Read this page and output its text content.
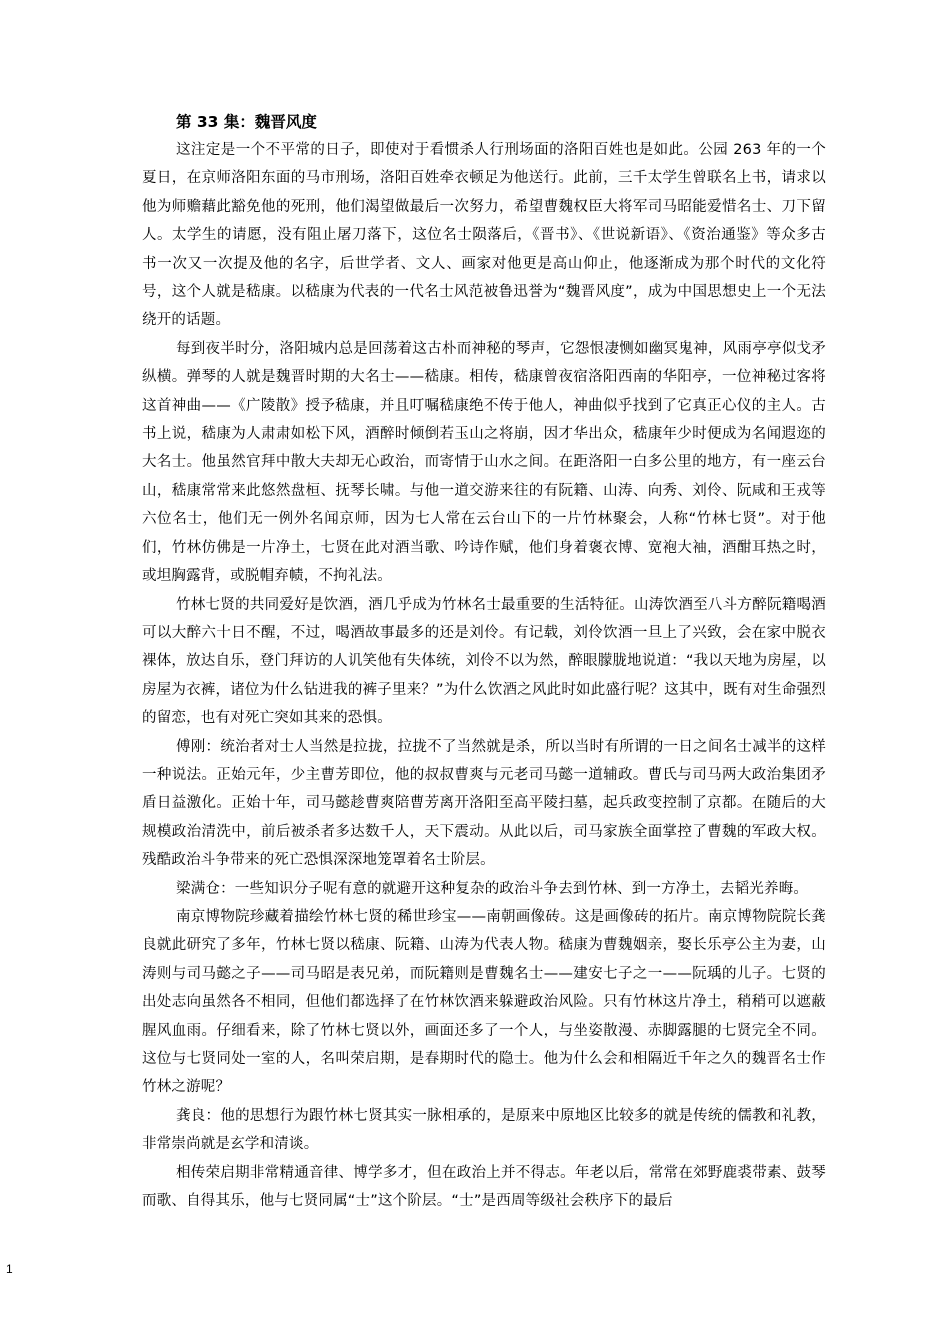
第 33 集：魏晋风度

这注定是一个不平常的日子，即使对于看惯杀人行刑场面的洛阳百姓也是如此。公园 263 年的一个夏日，在京师洛阳东面的马市刑场，洛阳百姓牵衣顿足为他送行。此前，三千太学生曾联名上书，请求以他为师赡藉此豁免他的死刑，他们渴望做最后一次努力，希望曹魏权臣大将军司马昭能爱惜名士、刀下留人。太学生的请愿，没有阻止屠刀落下，这位名士陨落后，《晋书》、《世说新语》、《资治通鉴》等众多古书一次又一次提及他的名字，后世学者、文人、画家对他更是高山仰止，他逐渐成为那个时代的文化符号，这个人就是嵇康。以嵇康为代表的一代名士风范被鲁迅誉为“魏晋风度”，成为中国思想史上一个无法绕开的话题。

每到夜半时分，洛阳城内总是回荡着这古朴而神秘的琴声，它怨恨凄恻如幽冥鬼神，风雨亭亭似戈矛纵横。弹琴的人就是魏晋时期的大名士——嵇康。相传，嵇康曾夜宿洛阳西南的华阳亭，一位神秘过客将这首神曲——《广陵散》授予嵇康，并且叮嘱嵇康绝不传于他人，神曲似乎找到了它真正心仪的主人。古书上说，嵇康为人肃肃如松下风，酒醉时倾倒若玉山之将崩，因才华出众，嵇康年少时便成为名闻遐迩的大名士。他虽然官拜中散大夫却无心政治，而寄情于山水之间。在距洛阳一白多公里的地方，有一座云台山，嵇康常常来此悠然盘桓、抚琴长啸。与他一道交游来往的有阮籍、山涛、向秀、刘伶、阮咸和王戎等六位名士，他们无一例外名闻京师，因为七人常在云台山下的一片竹林聚会，人称“竹林七贤”。对于他们，竹林仿佛是一片净土，七贤在此对酒当歌、吟诗作赋，他们身着褒衣博、宽袍大袖，酒酣耳热之时，或坦胸露背，或脱帽弃帻，不拘礼法。

竹林七贤的共同爱好是饮酒，酒几乎成为竹林名士最重要的生活特征。山涛饮酒至八斗方醉阮籍喝酒可以大醉六十日不醒，不过，喝酒故事最多的还是刘伶。有记载，刘伶饮酒一旦上了兴致，会在家中脱衣裸体，放达自乐，登门拜访的人讥笑他有失体统，刘伶不以为然，醉眼朦胧地说道：“我以天地为房屋，以房屋为衣裤，诸位为什么钻进我的裤子里来？”为什么饮酒之风此时如此盛行呢？这其中，既有对生命强烈的留恋，也有对死亡突如其来的恐惧。

傅刚：统治者对士人当然是拉拢，拉拢不了当然就是杀，所以当时有所谓的一日之间名士减半的这样一种说法。正始元年，少主曹芳即位，他的叔叔曹爽与元老司马懿一道辅政。曹氏与司马两大政治集团矛盾日益激化。正始十年，司马懿趁曹爽陪曹芳离开洛阳至高平陵扫墓，起兵政变控制了京都。在随后的大规模政治清洗中，前后被杀者多达数千人，天下震动。从此以后，司马家族全面掌控了曹魏的军政大权。残酷政治斗争带来的死亡恐惧深深地笼罩着名士阶层。

梁满仓：一些知识分子呢有意的就避开这种复杂的政治斗争去到竹林、到一方净土，去韬光养晦。

南京博物院珍藏着描绘竹林七贤的稀世珍宝——南朝画像砖。这是画像砖的拓片。南京博物院院长龚良就此研究了多年，竹林七贤以嵇康、阮籍、山涛为代表人物。嵇康为曹魏姻亲，娶长乐亭公主为妻，山涛则与司马懿之子——司马昭是表兄弟，而阮籍则是曹魏名士——建安七子之一——阮瑀的儿子。七贤的出处志向虽然各不相同，但他们都选择了在竹林饮酒来躲避政治风险。只有竹林这片净土，稍稍可以遮蔽腥风血雨。仔细看来，除了竹林七贤以外，画面还多了一个人，与坐姿散漫、赤脚露腿的七贤完全不同。这位与七贤同处一室的人，名叫荣启期，是春期时代的隐士。他为什么会和相隔近千年之久的魏晋名士作竹林之游呢？

龚良：他的思想行为跟竹林七贤其实一脉相承的，是原来中原地区比较多的就是传统的儒教和礼教，非常崇尚就是玄学和清谈。

相传荣启期非常精通音律、博学多才，但在政治上并不得志。年老以后，常常在郊野鹿裘带素、鼓琴而歌、自得其乐，他与七贤同属“士”这个阶层。“士”是西周等级社会秩序下的最后

1
